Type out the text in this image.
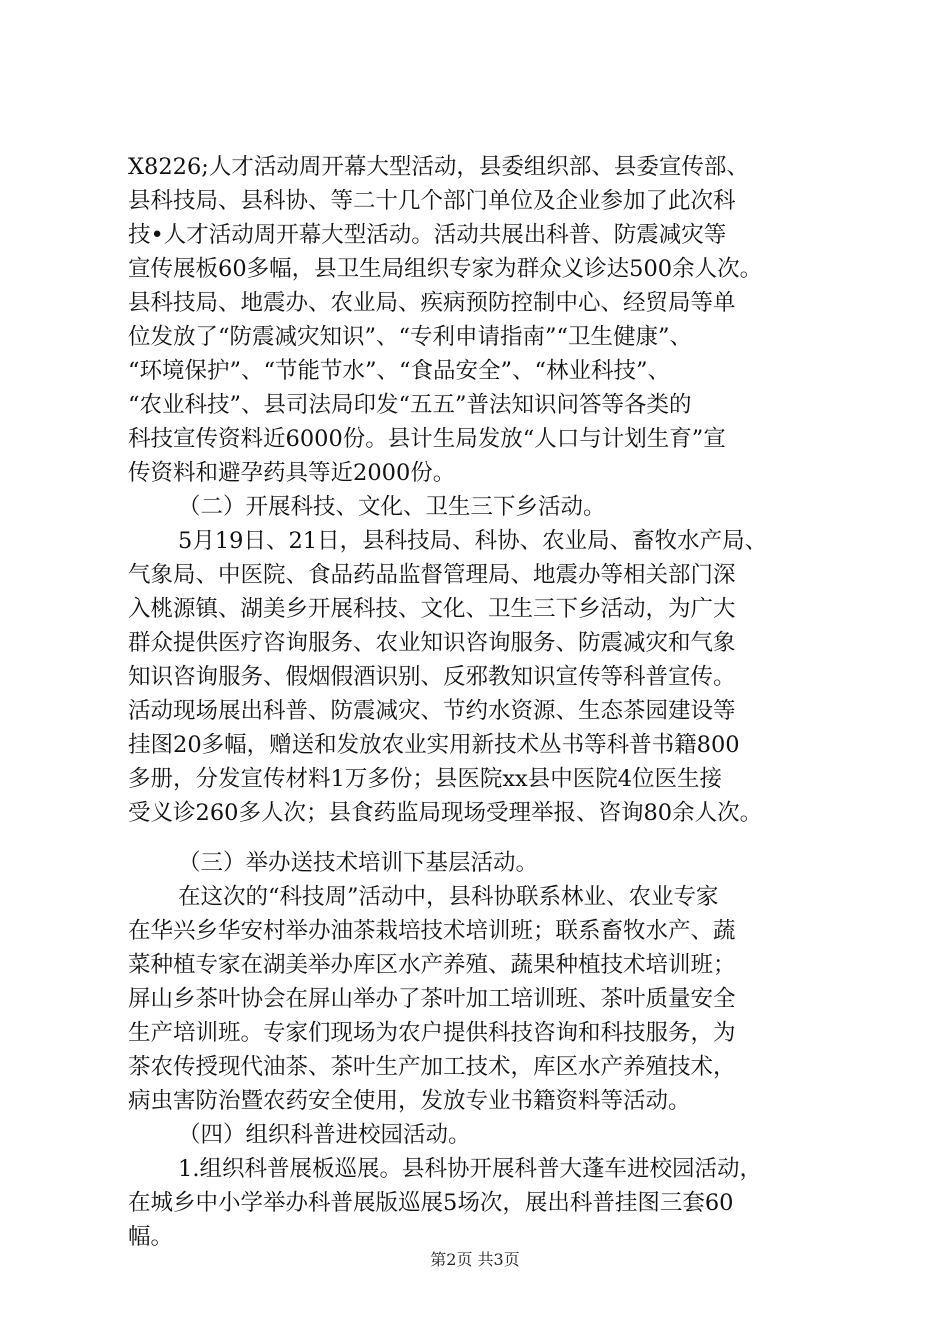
X8226;人才活动周开幕大型活动，县委组织部、县委宣传部、
县科技局、县科协、等二十几个部门单位及企业参加了此次科
技•人才活动周开幕大型活动。活动共展出科普、防震减灾等
宣传展板60多幅，县卫生局组织专家为群众义诊达500余人次。
县科技局、地震办、农业局、疾病预防控制中心、经贸局等单
位发放了“防震减灾知识”、“专利申请指南”“卫生健康”、
“环境保护”、“节能节水”、“食品安全”、“林业科技”、
“农业科技”、县司法局印发“五五”普法知识问答等各类的
科技宣传资料近6000份。县计生局发放“人口与计划生育”宣
传资料和避孕药具等近2000份。
（二）开展科技、文化、卫生三下乡活动。
5月19日、21日，县科技局、科协、农业局、畜牧水产局、
气象局、中医院、食品药品监督管理局、地震办等相关部门深
入桃源镇、湖美乡开展科技、文化、卫生三下乡活动，为广大
群众提供医疗咨询服务、农业知识咨询服务、防震减灾和气象
知识咨询服务、假烟假酒识别、反邪教知识宣传等科普宣传。
活动现场展出科普、防震减灾、节约水资源、生态茶园建设等
挂图20多幅，赠送和发放农业实用新技术丛书等科普书籍800
多册，分发宣传材料1万多份；县医院xx县中医院4位医生接
受义诊260多人次；县食药监局现场受理举报、咨询80余人次。
（三）举办送技术培训下基层活动。
在这次的“科技周”活动中，县科协联系林业、农业专家
在华兴乡华安村举办油茶栽培技术培训班；联系畜牧水产、蔬
菜种植专家在湖美举办库区水产养殖、蔬果种植技术培训班；
屏山乡茶叶协会在屏山举办了茶叶加工培训班、茶叶质量安全
生产培训班。专家们现场为农户提供科技咨询和科技服务，为
茶农传授现代油茶、茶叶生产加工技术，库区水产养殖技术，
病虫害防治暨农药安全使用，发放专业书籍资料等活动。
（四）组织科普进校园活动。
1.组织科普展板巡展。县科协开展科普大蓬车进校园活动，
在城乡中小学举办科普展版巡展5场次，展出科普挂图三套60
幅。
第2页 共3页
